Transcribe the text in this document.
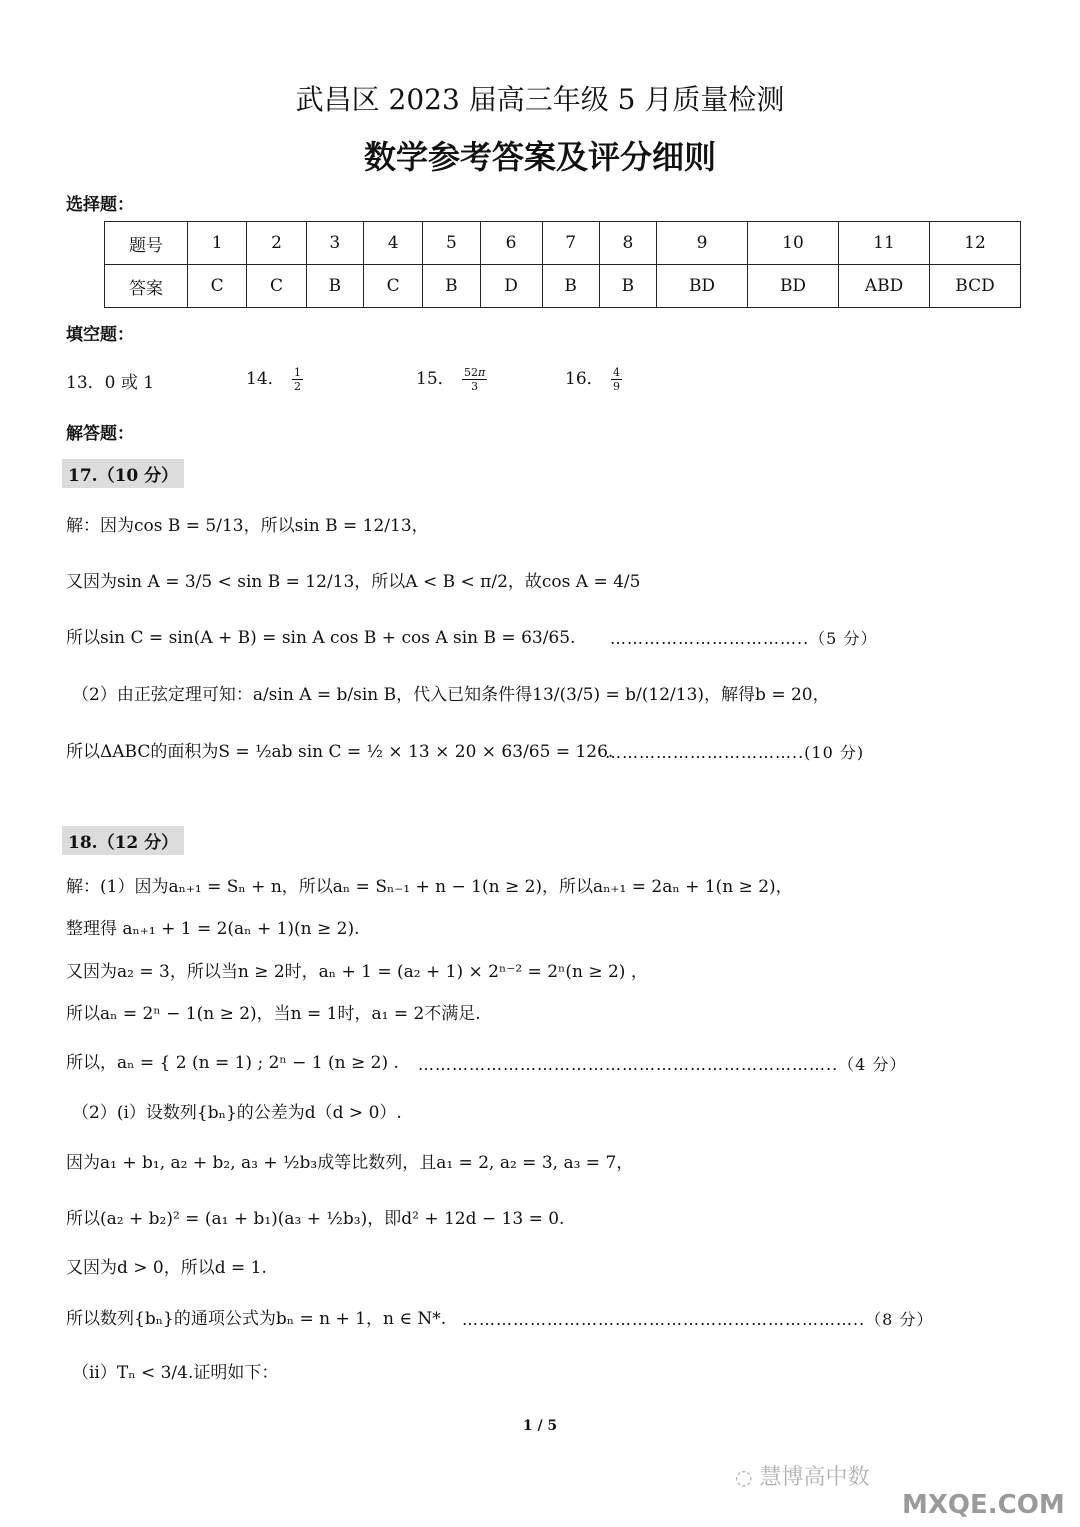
武昌区 2023 届高三年级 5 月质量检测
数学参考答案及评分细则
选择题：
题号	1	2	3	4	5	6	7	8	9	10	11	12
答案	C	C	B	C	B	D	B	B	BD	BD	ABD	BCD
填空题：
13．0 或 1	14． $\frac{1}{2}$	15． $\frac{52\pi}{3}$	16． $\frac{4}{9}$
解答题：
17.（10 分）
解：因为cos B = 5/13，所以sin B = 12/13，
又因为sin A = 3/5 < sin B = 12/13，所以A < B < π/2，故cos A = 4/5
所以sin C = sin(A + B) = sin A cos B + cos A sin B = 63/65. ……………………………..（5 分）
（2）由正弦定理可知：a/sin A = b/sin B，代入已知条件得13/(3/5) = b/(12/13)，解得b = 20，
所以ΔABC的面积为S = ½ab sin C = ½ × 13 × 20 × 63/65 = 126.
……………………………..(10 分)
18.（12 分）
解：(1）因为aₙ₊₁ = Sₙ + n，所以aₙ = Sₙ₋₁ + n − 1(n ≥ 2)，所以aₙ₊₁ = 2aₙ + 1(n ≥ 2)，
整理得 aₙ₊₁ + 1 = 2(aₙ + 1)(n ≥ 2).
又因为a₂ = 3，所以当n ≥ 2时，aₙ + 1 = (a₂ + 1) × 2ⁿ⁻² = 2ⁿ(n ≥ 2) ，
所以aₙ = 2ⁿ − 1(n ≥ 2)，当n = 1时，a₁ = 2不满足.
所以，aₙ = { 2 (n = 1) ; 2ⁿ − 1 (n ≥ 2) . ………………………………………………………………..（4 分）
（2）(i）设数列{bₙ}的公差为d（d > 0）.
因为a₁ + b₁, a₂ + b₂, a₃ + ½b₃成等比数列，且a₁ = 2, a₂ = 3, a₃ = 7，
所以(a₂ + b₂)² = (a₁ + b₁)(a₃ + ½b₃)，即d² + 12d − 13 = 0.
又因为d > 0，所以d = 1.
所以数列{bₙ}的通项公式为bₙ = n + 1，n ∈ N*. ……………………………………………………………..（8 分）
（ii）Tₙ < 3/4.证明如下：
1 / 5
◌ 慧博高中数
MXQE.COM
